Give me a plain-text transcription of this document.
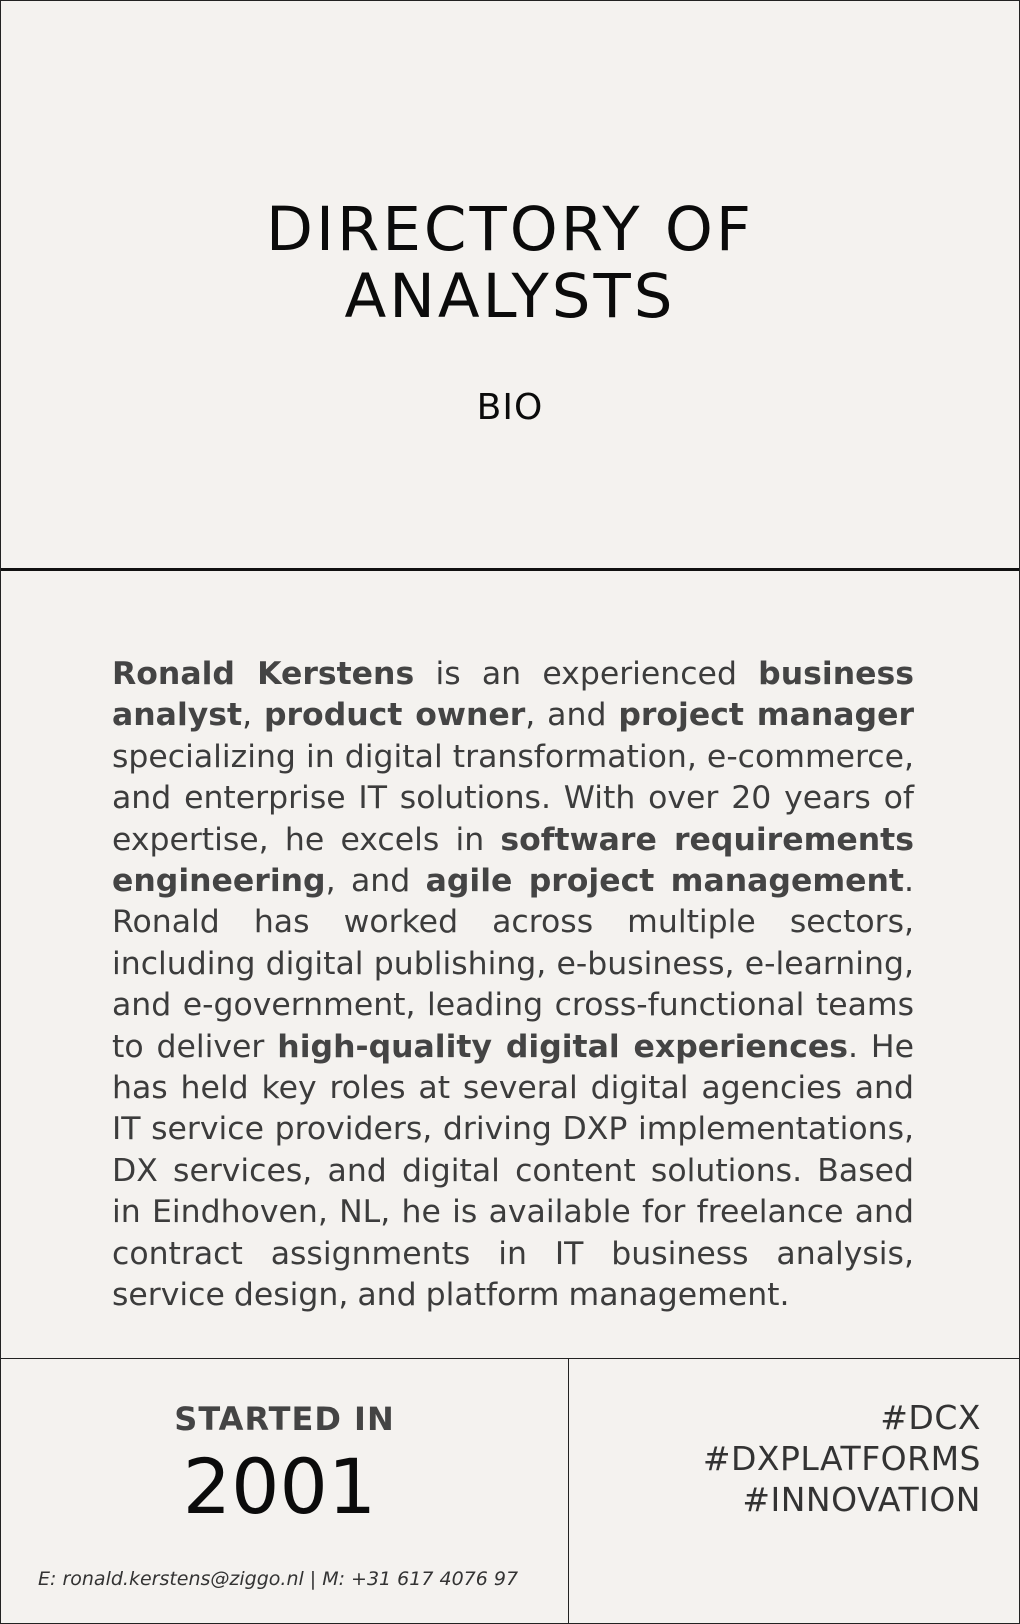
DIRECTORY OF
ANALYSTS
BIO

Ronald Kerstens is an experienced business analyst, product owner, and project manager specializing in digital transformation, e-commerce, and enterprise IT solutions. With over 20 years of expertise, he excels in software requirements engineering, and agile project management. Ronald has worked across multiple sectors, including digital publishing, e-business, e-learning, and e-government, leading cross-functional teams to deliver high-quality digital experiences. He has held key roles at several digital agencies and IT service providers, driving DXP implementations, DX services, and digital content solutions. Based in Eindhoven, NL, he is available for freelance and contract assignments in IT business analysis, service design, and platform management.

STARTED IN
2001
E: ronald.kerstens@ziggo.nl | M: +31 617 4076 97
#DCX
#DXPLATFORMS
#INNOVATION
